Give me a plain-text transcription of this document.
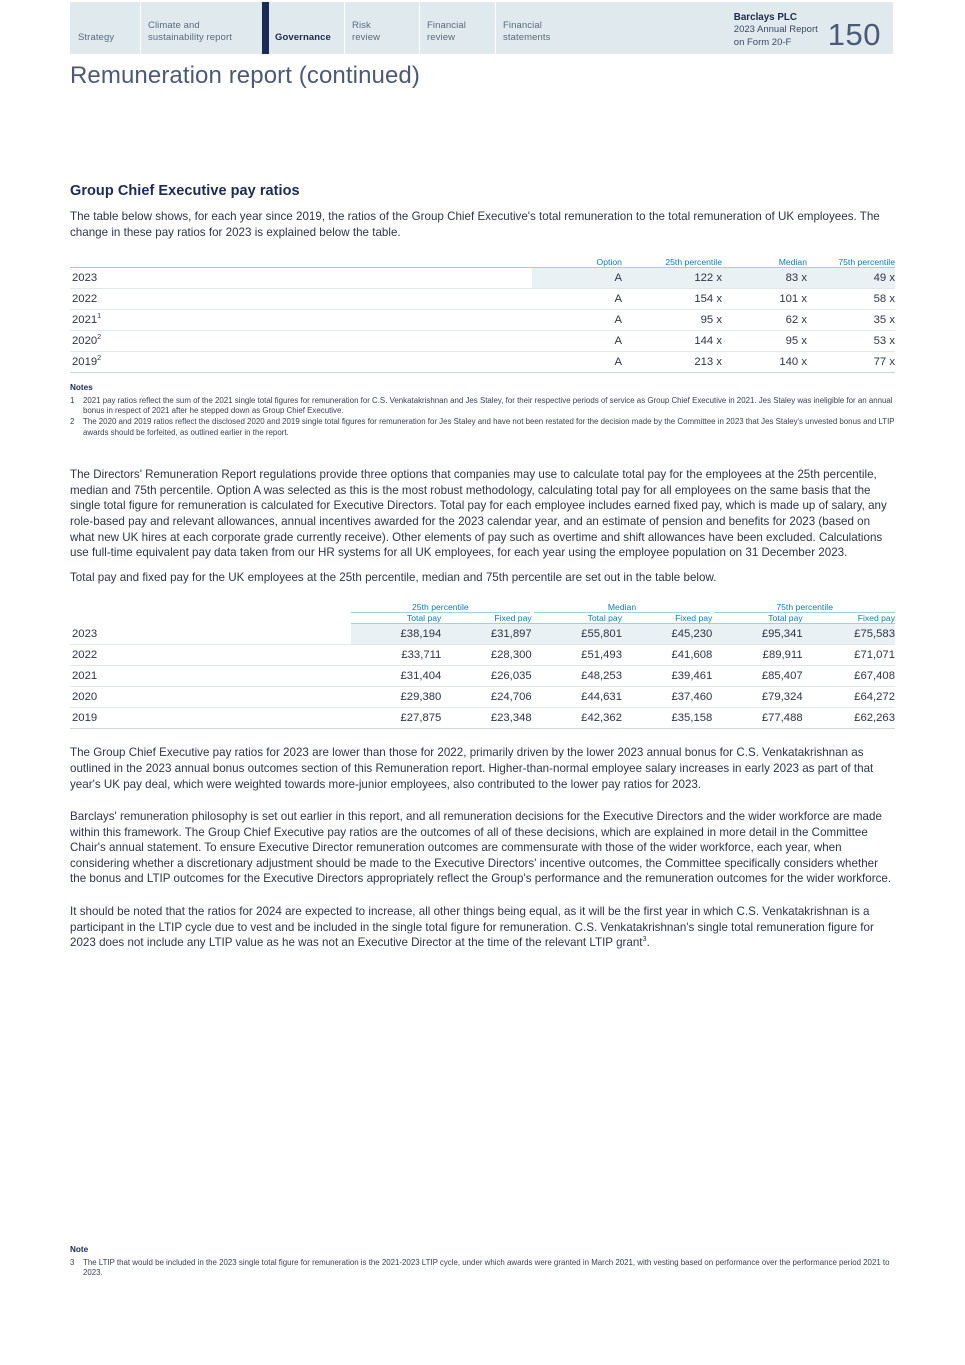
Strategy
Climate and
sustainability report	Governance
Risk
review
Financial
review
Financial
statements
Barclays PLC
2023 Annual Report
on Form 20-F	150
Remuneration report (continued)
Group Chief Executive pay ratios

The table below shows, for each year since 2019, the ratios of the Group Chief Executive's total remuneration to the total remuneration of UK employees. The change in these pay ratios for 2023 is explained below the table.

	Option	25th percentile	Median	75th percentile
2023	A	122 x	83 x	49 x
2022	A	154 x	101 x	58 x
2021$^1$	A	95 x	62 x	35 x
2020$^2$	A	144 x	95 x	53 x
2019$^2$	A	213 x	140 x	77 x
Notes
1	2021 pay ratios reflect the sum of the 2021 single total figures for remuneration for C.S. Venkatakrishnan and Jes Staley, for their respective periods of service as Group Chief Executive in 2021. Jes Staley was ineligible for an annual bonus in respect of 2021 after he stepped down as Group Chief Executive.
2	The 2020 and 2019 ratios reflect the disclosed 2020 and 2019 single total figures for remuneration for Jes Staley and have not been restated for the decision made by the Committee in 2023 that Jes Staley's unvested bonus and LTIP awards should be forfeited, as outlined earlier in the report.

The Directors' Remuneration Report regulations provide three options that companies may use to calculate total pay for the employees at the 25th percentile, median and 75th percentile. Option A was selected as this is the most robust methodology, calculating total pay for all employees on the same basis that the single total figure for remuneration is calculated for Executive Directors. Total pay for each employee includes earned fixed pay, which is made up of salary, any role-based pay and relevant allowances, annual incentives awarded for the 2023 calendar year, and an estimate of pension and benefits for 2023 (based on what new UK hires at each corporate grade currently receive). Other elements of pay such as overtime and shift allowances have been excluded. Calculations use full-time equivalent pay data taken from our HR systems for all UK employees, for each year using the employee population on 31 December 2023.

Total pay and fixed pay for the UK employees at the 25th percentile, median and 75th percentile are set out in the table below.

	25th percentile		Median		75th percentile	
	Total pay	Fixed pay	Total pay	Fixed pay	Total pay	Fixed pay
2023	£38,194	£31,897	£55,801	£45,230	£95,341	£75,583
2022	£33,711	£28,300	£51,493	£41,608	£89,911	£71,071
2021	£31,404	£26,035	£48,253	£39,461	£85,407	£67,408
2020	£29,380	£24,706	£44,631	£37,460	£79,324	£64,272
2019	£27,875	£23,348	£42,362	£35,158	£77,488	£62,263

The Group Chief Executive pay ratios for 2023 are lower than those for 2022, primarily driven by the lower 2023 annual bonus for C.S. Venkatakrishnan as outlined in the 2023 annual bonus outcomes section of this Remuneration report. Higher-than-normal employee salary increases in early 2023 as part of that year's UK pay deal, which were weighted towards more-junior employees, also contributed to the lower pay ratios for 2023.

Barclays' remuneration philosophy is set out earlier in this report, and all remuneration decisions for the Executive Directors and the wider workforce are made within this framework. The Group Chief Executive pay ratios are the outcomes of all of these decisions, which are explained in more detail in the Committee Chair's annual statement. To ensure Executive Director remuneration outcomes are commensurate with those of the wider workforce, each year, when considering whether a discretionary adjustment should be made to the Executive Directors' incentive outcomes, the Committee specifically considers whether the bonus and LTIP outcomes for the Executive Directors appropriately reflect the Group's performance and the remuneration outcomes for the wider workforce.

It should be noted that the ratios for 2024 are expected to increase, all other things being equal, as it will be the first year in which C.S. Venkatakrishnan is a participant in the LTIP cycle due to vest and be included in the single total figure for remuneration. C.S. Venkatakrishnan's single total remuneration figure for 2023 does not include any LTIP value as he was not an Executive Director at the time of the relevant LTIP grant$^3$.

Note
3	The LTIP that would be included in the 2023 single total figure for remuneration is the 2021-2023 LTIP cycle, under which awards were granted in March 2021, with vesting based on performance over the performance period 2021 to 2023.
